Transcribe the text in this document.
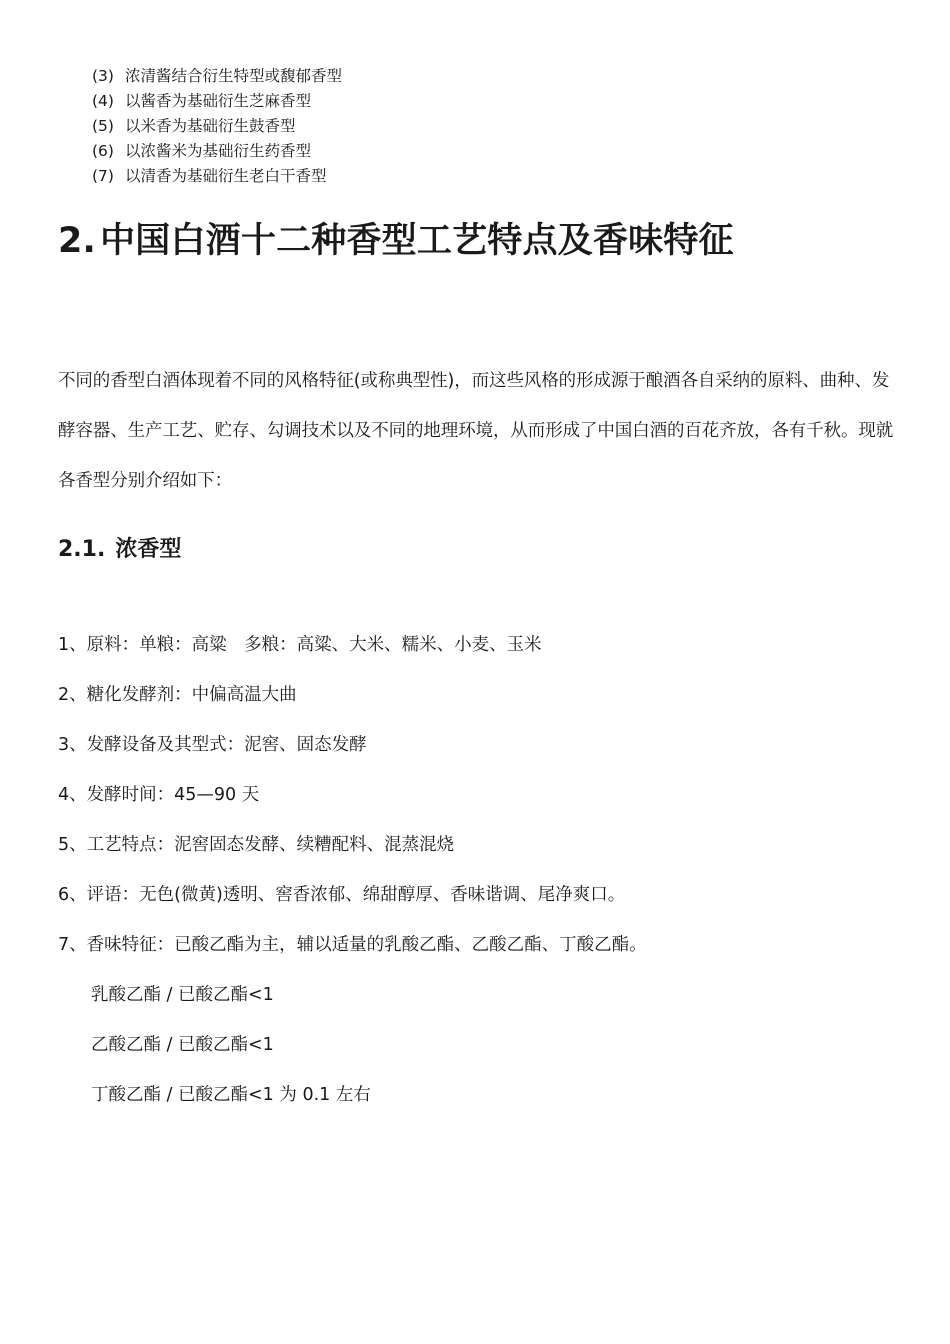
(3) 浓清酱结合衍生特型或馥郁香型
(4) 以酱香为基础衍生芝麻香型
(5) 以米香为基础衍生鼓香型
(6) 以浓酱米为基础衍生药香型
(7) 以清香为基础衍生老白干香型
2. 中国白酒十二种香型工艺特点及香味特征

不同的香型白酒体现着不同的风格特征(或称典型性)，而这些风格的形成源于酿酒各自采纳的原料、曲种、发酵容器、生产工艺、贮存、勾调技术以及不同的地理环境，从而形成了中国白酒的百花齐放，各有千秋。现就各香型分别介绍如下：

2.1. 浓香型
1、原料：单粮：高粱　多粮：高粱、大米、糯米、小麦、玉米
2、糖化发酵剂：中偏高温大曲
3、发酵设备及其型式：泥窖、固态发酵
4、发酵时间：45—90 天
5、工艺特点：泥窖固态发酵、续糟配料、混蒸混烧
6、评语：无色(微黄)透明、窖香浓郁、绵甜醇厚、香味谐调、尾净爽口。
7、香味特征：已酸乙酯为主，辅以适量的乳酸乙酯、乙酸乙酯、丁酸乙酯。
乳酸乙酯 / 已酸乙酯<1
乙酸乙酯 / 已酸乙酯<1
丁酸乙酯 / 已酸乙酯<1 为 0.1 左右
